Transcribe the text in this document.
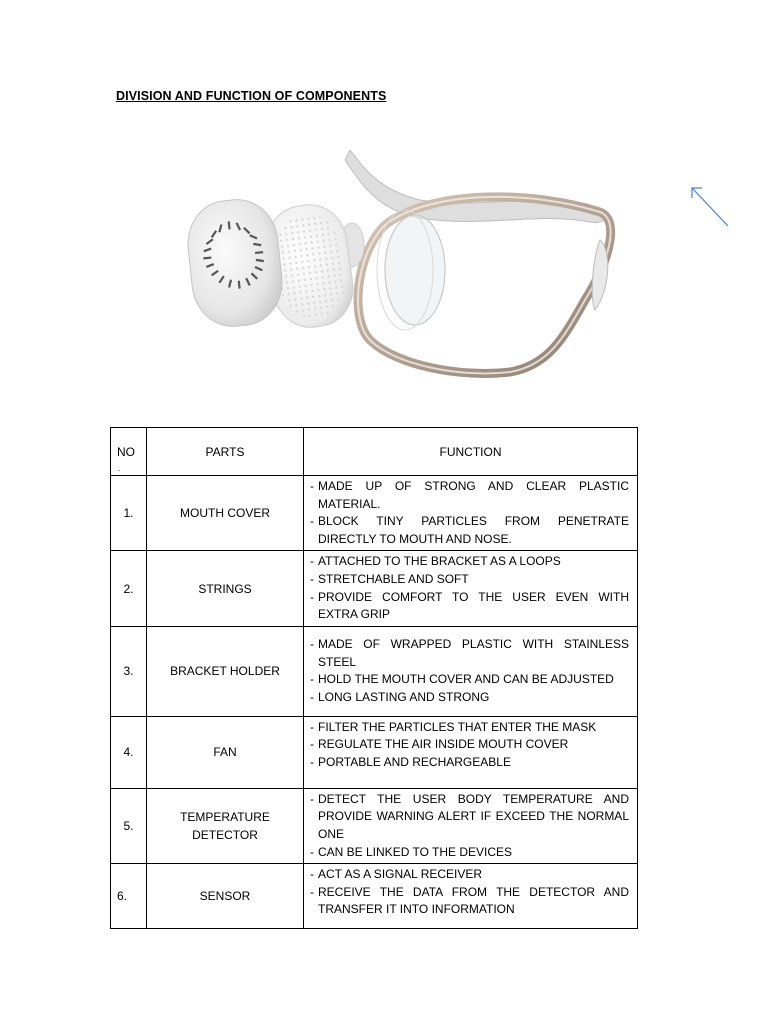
DIVISION AND FUNCTION OF COMPONENTS
NO
.	PARTS	FUNCTION
1.	MOUTH COVER	- MADE UP OF STRONG AND CLEAR PLASTIC MATERIAL.
- BLOCK TINY PARTICLES FROM PENETRATE DIRECTLY TO MOUTH AND NOSE.

2.	STRINGS	- ATTACHED TO THE BRACKET AS A LOOPS
- STRETCHABLE AND SOFT
- PROVIDE COMFORT TO THE USER EVEN WITH EXTRA GRIP

3.	BRACKET HOLDER	- MADE OF WRAPPED PLASTIC WITH STAINLESS STEEL
- HOLD THE MOUTH COVER AND CAN BE ADJUSTED
- LONG LASTING AND STRONG

4.	FAN	- FILTER THE PARTICLES THAT ENTER THE MASK
- REGULATE THE AIR INSIDE MOUTH COVER
- PORTABLE AND RECHARGEABLE

5.	TEMPERATURE DETECTOR	- DETECT THE USER BODY TEMPERATURE AND PROVIDE WARNING ALERT IF EXCEED THE NORMAL ONE
- CAN BE LINKED TO THE DEVICES

6.	SENSOR	- ACT AS A SIGNAL RECEIVER
- RECEIVE THE DATA FROM THE DETECTOR AND TRANSFER IT INTO INFORMATION
